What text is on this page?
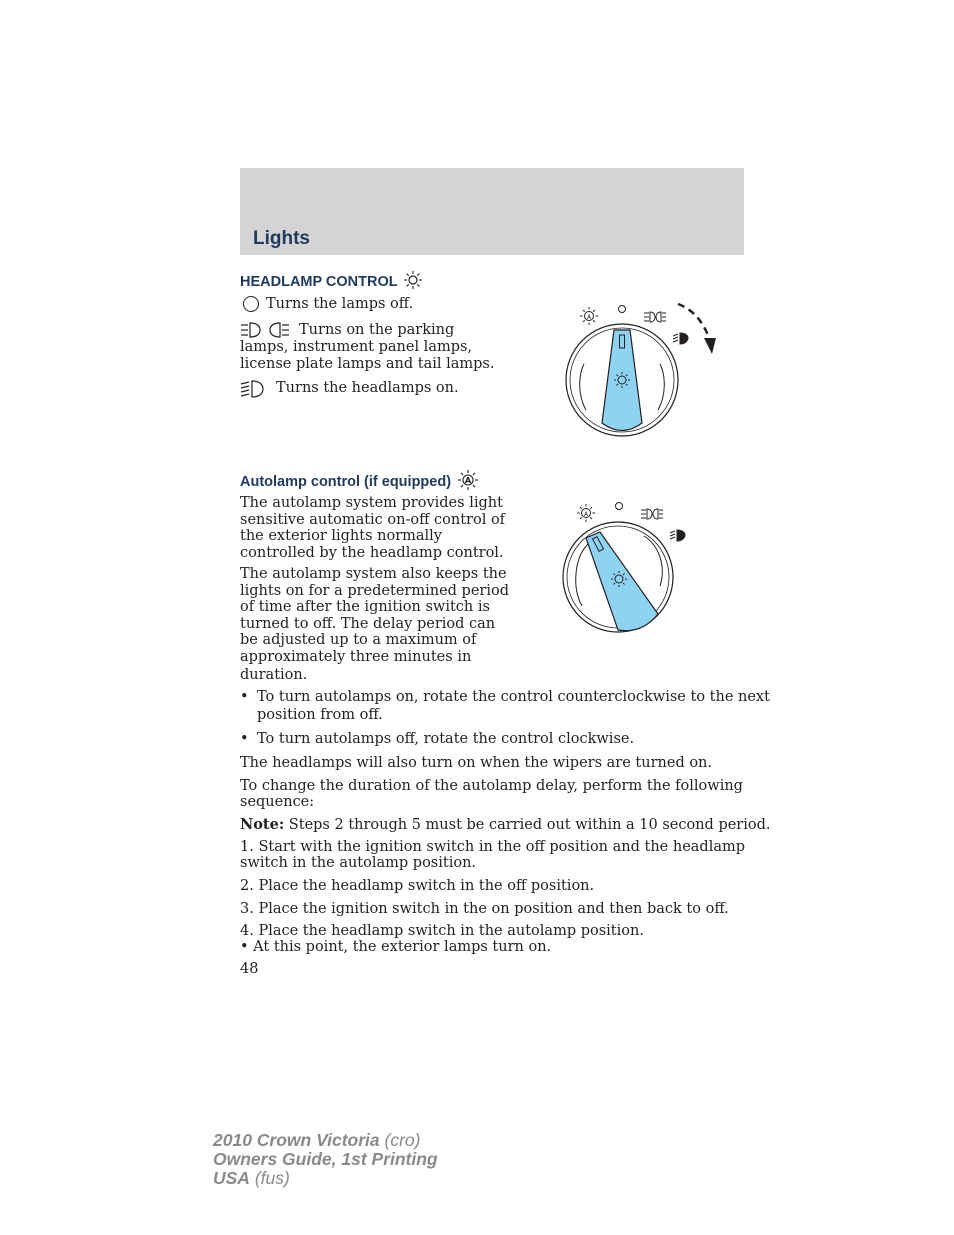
Lights
HEADLAMP CONTROL
Turns the lamps off.
Turns on the parking
lamps, instrument panel lamps,
license plate lamps and tail lamps.
Turns the headlamps on.
A
Autolamp control (if equipped) A
The autolamp system provides light
sensitive automatic on-off control of
the exterior lights normally
controlled by the headlamp control.
The autolamp system also keeps the
lights on for a predetermined period
of time after the ignition switch is
turned to off. The delay period can
be adjusted up to a maximum of
approximately three minutes in
duration.
A
• To turn autolamps on, rotate the control counterclockwise to the next
position from off.
• To turn autolamps off, rotate the control clockwise.
The headlamps will also turn on when the wipers are turned on.
To change the duration of the autolamp delay, perform the following
sequence:
Note: Steps 2 through 5 must be carried out within a 10 second period.
1. Start with the ignition switch in the off position and the headlamp
switch in the autolamp position.
2. Place the headlamp switch in the off position.
3. Place the ignition switch in the on position and then back to off.
4. Place the headlamp switch in the autolamp position.
• At this point, the exterior lamps turn on.
48
2010 Crown Victoria (cro)
Owners Guide, 1st Printing
USA (fus)
